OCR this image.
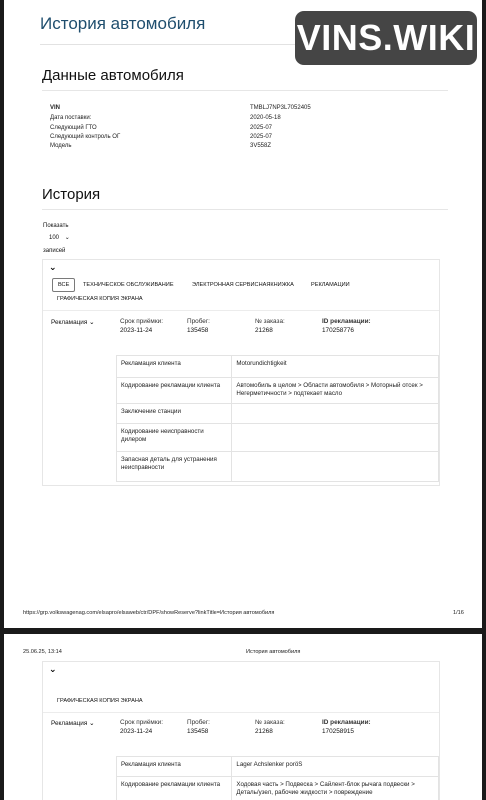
История автомобиля	VINS.WIKI
Данные автомобиля
VIN	TMBLJ7NP3L7052405
Дата поставки:	2020-05-18
Следующий ГТО	2025-07
Следующий контроль ОГ	2025-07
Модель	3V558Z
История
Показать
100 ⌄
записей
⌄
ВСЕ	ТЕХНИЧЕСКОЕ ОБСЛУЖИВАНИЕ	ЭЛЕКТРОННАЯ СЕРВИСНАЯКНИЖКА	РЕКЛАМАЦИИ
ГРАФИЧЕСКАЯ КОПИЯ ЭКРАНА
Рекламация ⌄	Срок приёмки:
2023-11-24
Пробег:
135458
№ заказа:
21268
ID рекламации:
170258776
Рекламация клиента	Motorundichtigkeit
Кодирование рекламации клиента	Автомобиль в целом > Области автомобиля > Моторный отсек > Негерметичности > подтекает масло
Заключение станции	
Кодирование неисправности дилером	
Запасная деталь для устранения неисправности	
https://grp.volkswagenag.com/elsapro/elsaweb/ctr/DPF/showReserve?linkTitle=История автомобиля	1/16
25.06.25, 13:14	История автомобиля
⌄
ГРАФИЧЕСКАЯ КОПИЯ ЭКРАНА
Рекламация ⌄	Срок приёмки:
2023-11-24
Пробег:
135458
№ заказа:
21268
ID рекламации:
170258915
Рекламация клиента	Lager Achslenker poröS
Кодирование рекламации клиента	Ходовая часть > Подвеска > Сайлент-блок рычага подвески > Деталь/узел, рабочие жидкости > повреждение
